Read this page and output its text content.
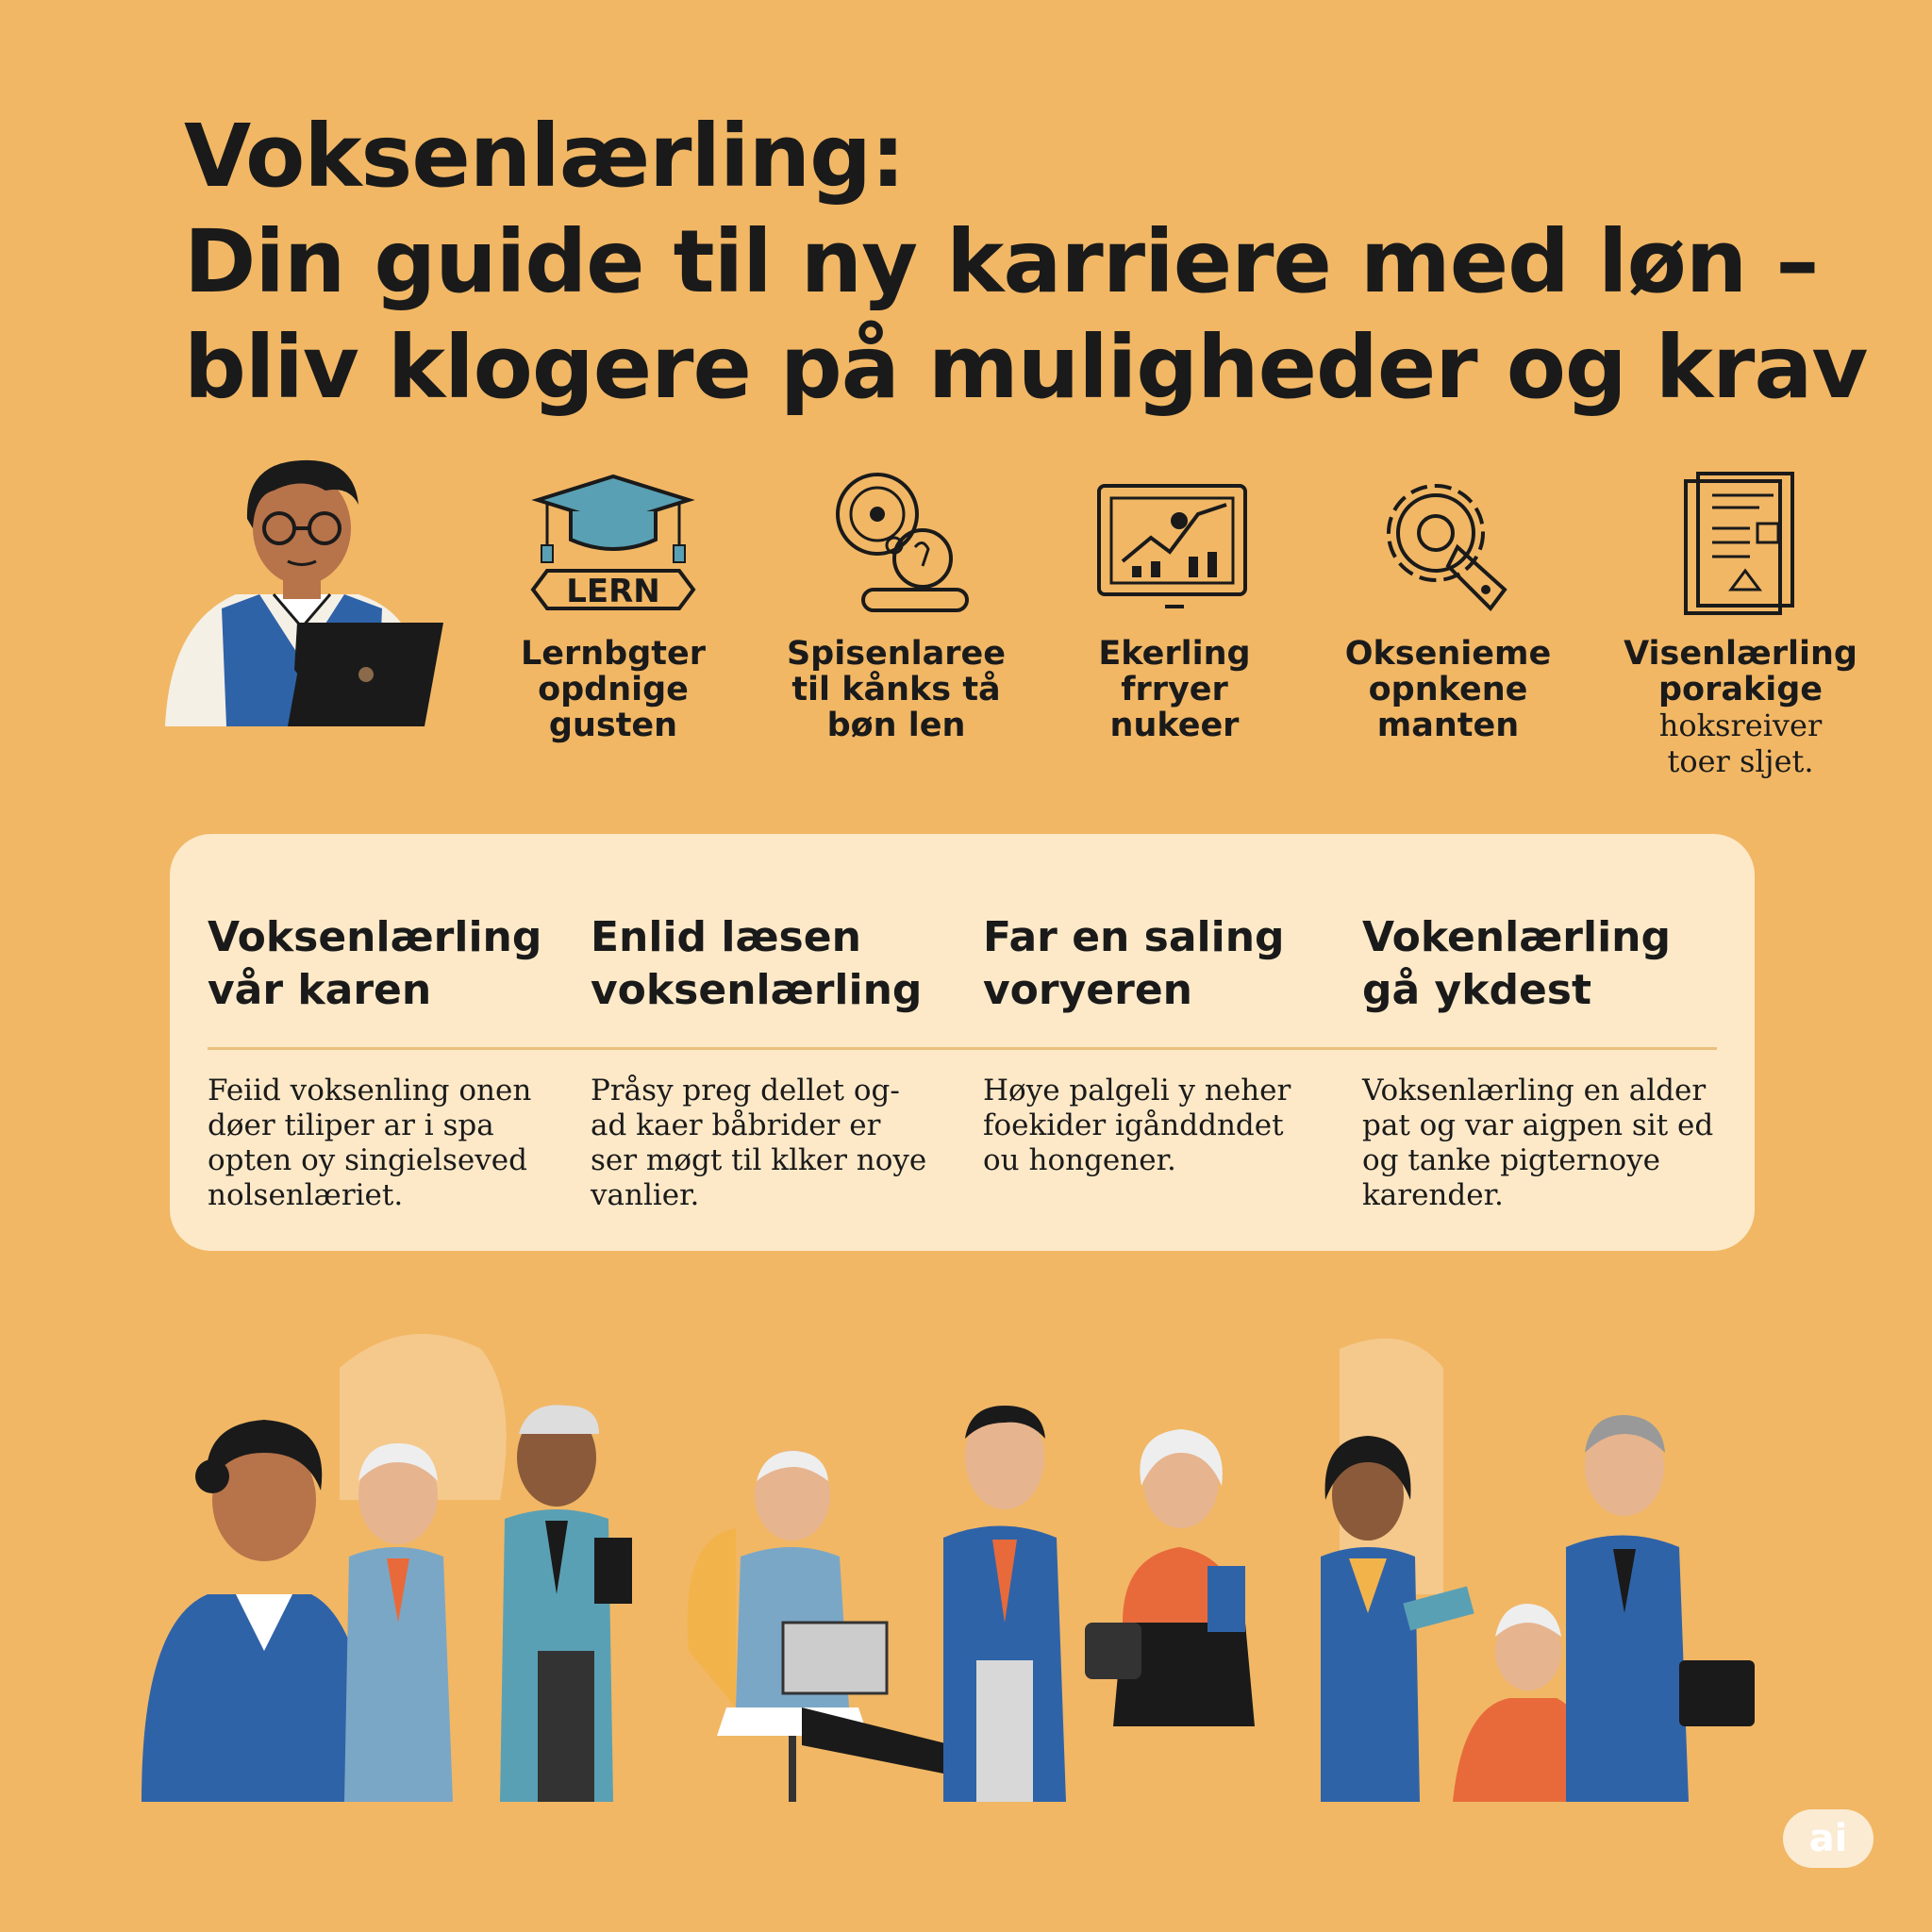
Voksenlærling:
Din guide til ny karriere med løn –
bliv klogere på muligheder og krav
LERN
Lernbgter
opdnige
gusten
Spisenlaree
til kånks tå
bøn len
Ekerling
frryer
nukeer
Oksenieme
opnkene
manten
Visenlærling
porakige
hoksreiver
toer sljet.
Voksenlærling
vår karen
Enlid læsen
voksenlærling
Far en saling
voryeren
Vokenlærling
gå ykdest
Feiid voksenling onen
døer tiliper ar i spa
opten oy singielseved
nolsenlæriet.
Pråsy preg dellet og-
ad kaer båbrider er
ser møgt til klker noye
vanlier.
Høye palgeli y neher
foekider igånddndet
ou hongener.
Voksenlærling en alder
pat og var aigpen sit ed
og tanke pigternoye
karender.
ai
